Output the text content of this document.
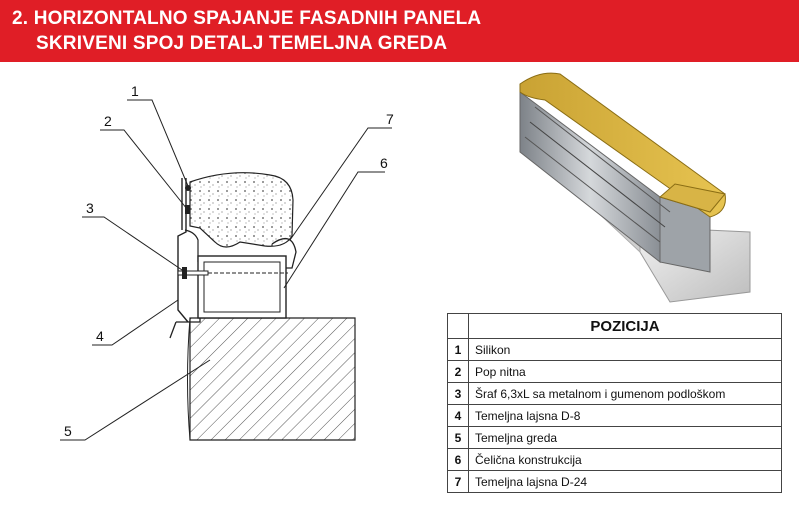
2. HORIZONTALNO SPAJANJE FASADNIH PANELA
SKRIVENI SPOJ DETALJ TEMELJNA GREDA
1
2
3
4
5
6
7
	POZICIJA
1	Silikon
2	Pop nitna
3	Šraf 6,3xL sa metalnom i gumenom podloškom
4	Temeljna lajsna D-8
5	Temeljna greda
6	Čelična konstrukcija
7	Temeljna lajsna D-24
